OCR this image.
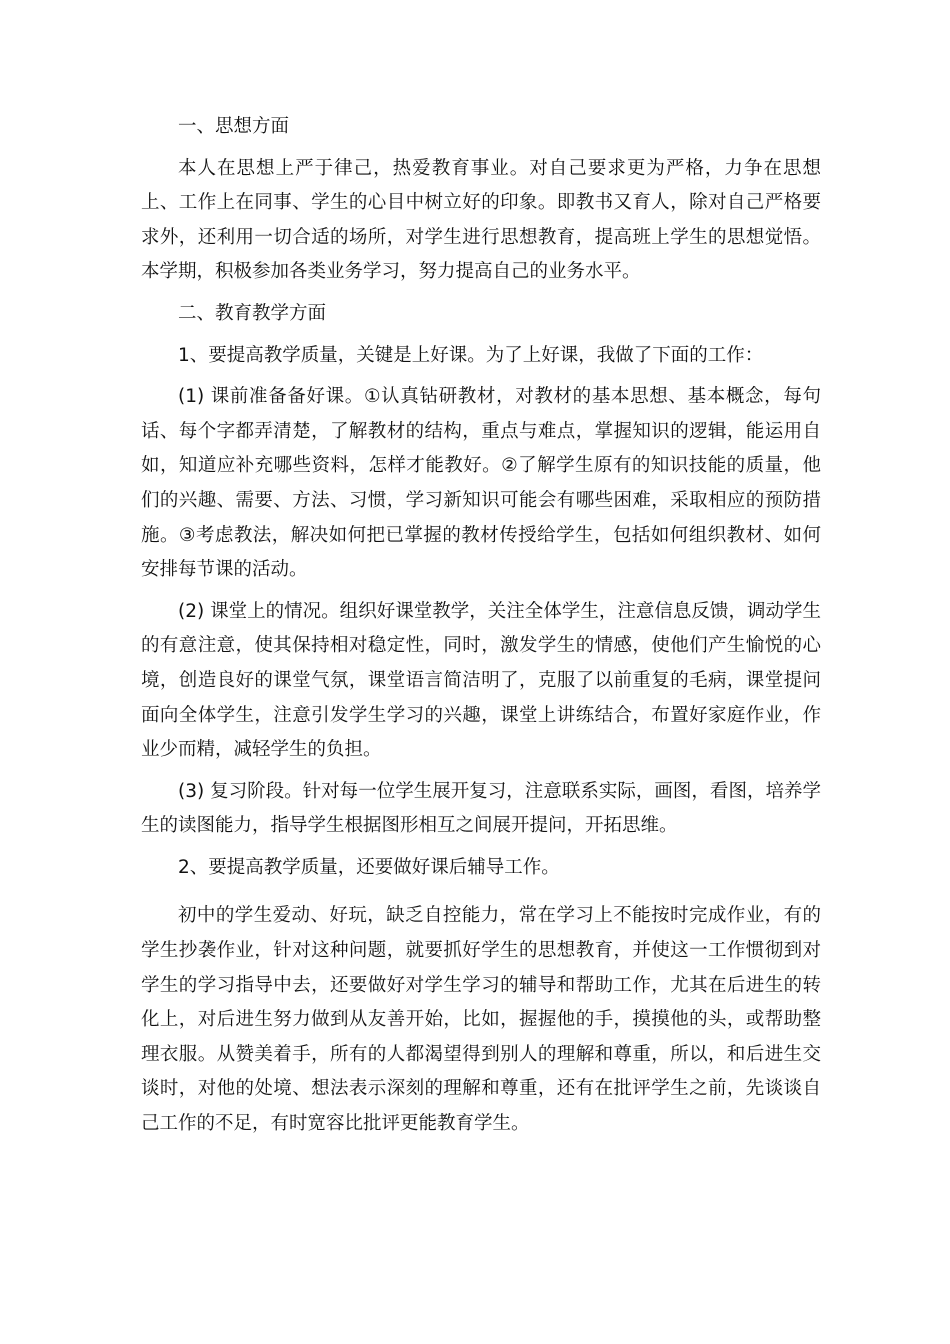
一、思想方面

本人在思想上严于律己，热爱教育事业。对自己要求更为严格，力争在思想上、工作上在同事、学生的心目中树立好的印象。即教书又育人，除对自己严格要求外，还利用一切合适的场所，对学生进行思想教育，提高班上学生的思想觉悟。本学期，积极参加各类业务学习，努力提高自己的业务水平。

二、教育教学方面

1、要提高教学质量，关键是上好课。为了上好课，我做了下面的工作：

(1) 课前准备备好课。①认真钻研教材，对教材的基本思想、基本概念，每句话、每个字都弄清楚，了解教材的结构，重点与难点，掌握知识的逻辑，能运用自如，知道应补充哪些资料，怎样才能教好。②了解学生原有的知识技能的质量，他们的兴趣、需要、方法、习惯，学习新知识可能会有哪些困难，采取相应的预防措施。③考虑教法，解决如何把已掌握的教材传授给学生，包括如何组织教材、如何安排每节课的活动。

(2) 课堂上的情况。组织好课堂教学，关注全体学生，注意信息反馈，调动学生的有意注意，使其保持相对稳定性，同时，激发学生的情感，使他们产生愉悦的心境，创造良好的课堂气氛，课堂语言简洁明了，克服了以前重复的毛病，课堂提问面向全体学生，注意引发学生学习的兴趣，课堂上讲练结合，布置好家庭作业，作业少而精，减轻学生的负担。

(3) 复习阶段。针对每一位学生展开复习，注意联系实际，画图，看图，培养学生的读图能力，指导学生根据图形相互之间展开提问，开拓思维。

2、要提高教学质量，还要做好课后辅导工作。

初中的学生爱动、好玩，缺乏自控能力，常在学习上不能按时完成作业，有的学生抄袭作业，针对这种问题，就要抓好学生的思想教育，并使这一工作惯彻到对学生的学习指导中去，还要做好对学生学习的辅导和帮助工作，尤其在后进生的转化上，对后进生努力做到从友善开始，比如，握握他的手，摸摸他的头，或帮助整理衣服。从赞美着手，所有的人都渴望得到别人的理解和尊重，所以，和后进生交谈时，对他的处境、想法表示深刻的理解和尊重，还有在批评学生之前，先谈谈自己工作的不足，有时宽容比批评更能教育学生。
